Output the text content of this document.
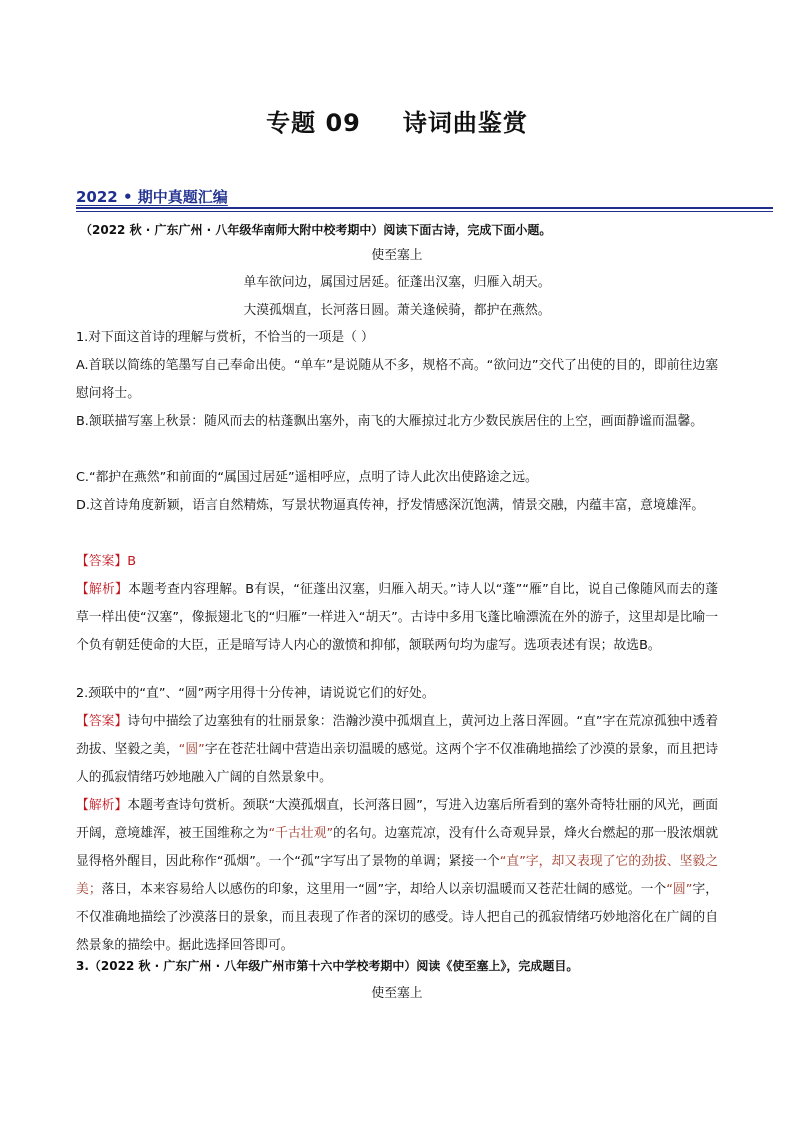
专题 09 诗词曲鉴赏
2022 • 期中真题汇编
（2022 秋 · 广东广州 · 八年级华南师大附中校考期中）阅读下面古诗，完成下面小题。
使至塞上
单车欲问边，属国过居延。征蓬出汉塞，归雁入胡天。
大漠孤烟直，长河落日圆。萧关逢候骑，都护在燕然。
1.对下面这首诗的理解与赏析，不恰当的一项是（ ）
A.首联以简练的笔墨写自己奉命出使。“单车”是说随从不多，规格不高。“欲问边”交代了出使的目的，即前往边塞慰问将士。
B.颔联描写塞上秋景：随风而去的枯蓬飘出塞外，南飞的大雁掠过北方少数民族居住的上空，画面静谧而温馨。
C.“都护在燕然”和前面的“属国过居延”遥相呼应，点明了诗人此次出使路途之远。
D.这首诗角度新颖，语言自然精炼，写景状物逼真传神，抒发情感深沉饱满，情景交融，内蕴丰富，意境雄浑。
【答案】B
【解析】本题考查内容理解。B有误，“征蓬出汉塞，归雁入胡天。”诗人以“蓬”“雁”自比，说自己像随风而去的蓬草一样出使“汉塞”，像振翅北飞的“归雁”一样进入“胡天”。古诗中多用飞蓬比喻漂流在外的游子，这里却是比喻一个负有朝廷使命的大臣，正是暗写诗人内心的激愤和抑郁，颔联两句均为虚写。选项表述有误；故选B。
2.颈联中的“直”、“圆”两字用得十分传神，请说说它们的好处。
【答案】诗句中描绘了边塞独有的壮丽景象：浩瀚沙漠中孤烟直上，黄河边上落日浑圆。“直”字在荒凉孤独中透着劲拔、坚毅之美，“圆”字在苍茫壮阔中营造出亲切温暖的感觉。这两个字不仅准确地描绘了沙漠的景象，而且把诗人的孤寂情绪巧妙地融入广阔的自然景象中。
【解析】本题考查诗句赏析。颈联“大漠孤烟直，长河落日圆”，写进入边塞后所看到的塞外奇特壮丽的风光，画面开阔，意境雄浑，被王国维称之为“千古壮观”的名句。边塞荒凉，没有什么奇观异景，烽火台燃起的那一股浓烟就显得格外醒目，因此称作“孤烟”。一个“孤”字写出了景物的单调；紧接一个“直”字，却又表现了它的劲拔、坚毅之美；落日，本来容易给人以感伤的印象，这里用一“圆”字，却给人以亲切温暖而又苍茫壮阔的感觉。一个“圆”字，不仅准确地描绘了沙漠落日的景象，而且表现了作者的深切的感受。诗人把自己的孤寂情绪巧妙地溶化在广阔的自然景象的描绘中。据此选择回答即可。
3.（2022 秋 · 广东广州 · 八年级广州市第十六中学校考期中）阅读《使至塞上》，完成题目。
使至塞上
